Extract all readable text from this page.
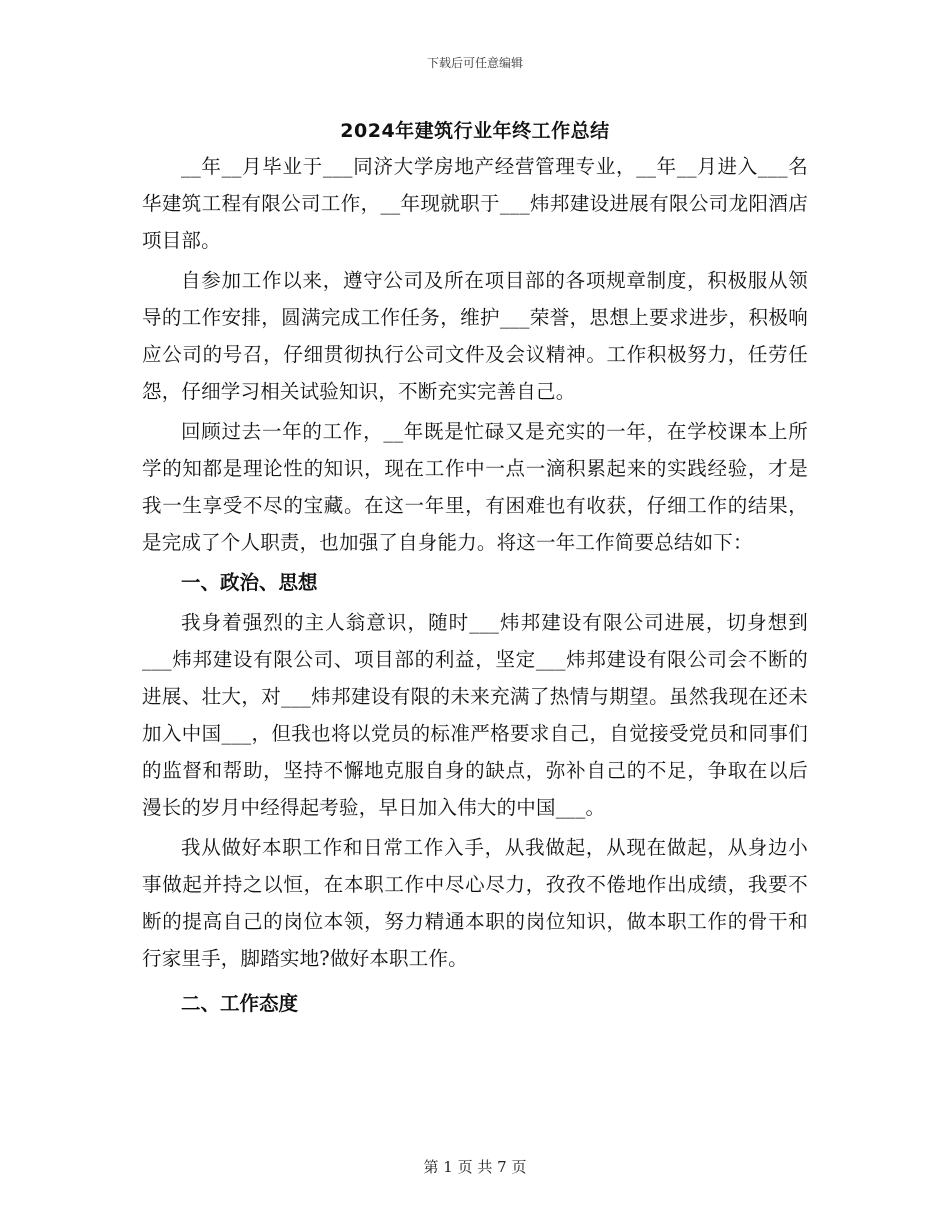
下载后可任意编辑
2024年建筑行业年终工作总结

__年__月毕业于___同济大学房地产经营管理专业，__年__月进入___名华建筑工程有限公司工作，__年现就职于___炜邦建设进展有限公司龙阳酒店项目部。

自参加工作以来，遵守公司及所在项目部的各项规章制度，积极服从领导的工作安排，圆满完成工作任务，维护___荣誉，思想上要求进步，积极响应公司的号召，仔细贯彻执行公司文件及会议精神。工作积极努力，任劳任怨，仔细学习相关试验知识，不断充实完善自己。

回顾过去一年的工作，__年既是忙碌又是充实的一年，在学校课本上所学的知都是理论性的知识，现在工作中一点一滴积累起来的实践经验，才是我一生享受不尽的宝藏。在这一年里，有困难也有收获，仔细工作的结果，是完成了个人职责，也加强了自身能力。将这一年工作简要总结如下：

一、政治、思想

我身着强烈的主人翁意识，随时___炜邦建设有限公司进展，切身想到___炜邦建设有限公司、项目部的利益，坚定___炜邦建设有限公司会不断的进展、壮大，对___炜邦建设有限的未来充满了热情与期望。虽然我现在还未加入中国___，但我也将以党员的标准严格要求自己，自觉接受党员和同事们的监督和帮助，坚持不懈地克服自身的缺点，弥补自己的不足，争取在以后漫长的岁月中经得起考验，早日加入伟大的中国___。

我从做好本职工作和日常工作入手，从我做起，从现在做起，从身边小事做起并持之以恒，在本职工作中尽心尽力，孜孜不倦地作出成绩，我要不断的提高自己的岗位本领，努力精通本职的岗位知识，做本职工作的骨干和行家里手，脚踏实地?做好本职工作。

二、工作态度

第 1 页 共 7 页
